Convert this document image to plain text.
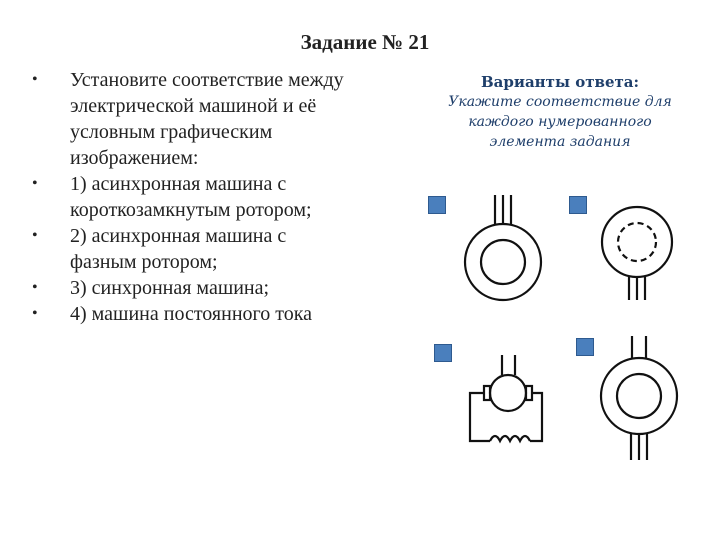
Задание № 21
• Установите соответствие между электрической машиной и её условным графическим изображением:
• 1) асинхронная машина с короткозамкнутым ротором;
• 2) асинхронная машина с фазным ротором;
• 3) синхронная машина;
• 4) машина постоянного тока
Варианты ответа:
Укажите соответствие для каждого нумерованного элемента задания
